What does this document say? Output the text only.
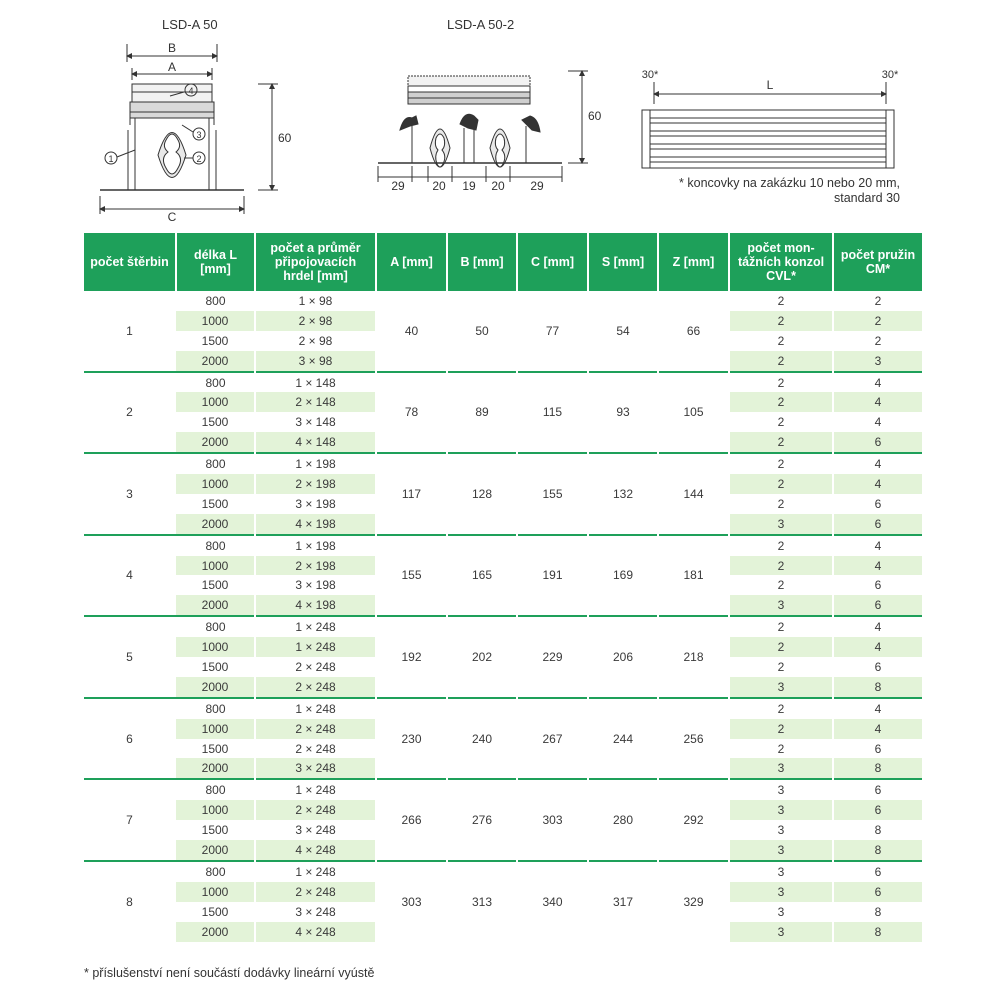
LSD-A 50	LSD-A 50-2
B
A
C
60
4
3
2
1
60
29 20 19 20 29
30*	30*
L
* koncovky na zakázku 10 nebo 20 mm,
standard 30
počet štěrbin	délka L [mm]	počet a průměr připojovacích hrdel [mm]	A [mm]	B [mm]	C [mm]	S [mm]	Z [mm]	počet mon-tážních konzol CVL*	počet pružin CM*
1	800	1 × 98	40	50	77	54	66	2	2
	1000	2 × 98						2	2
	1500	2 × 98						2	2
	2000	3 × 98						2	3
2	800	1 × 148	78	89	115	93	105	2	4
	1000	2 × 148						2	4
	1500	3 × 148						2	4
	2000	4 × 148						2	6
3	800	1 × 198	117	128	155	132	144	2	4
	1000	2 × 198						2	4
	1500	3 × 198						2	6
	2000	4 × 198						3	6
4	800	1 × 198	155	165	191	169	181	2	4
	1000	2 × 198						2	4
	1500	3 × 198						2	6
	2000	4 × 198						3	6
5	800	1 × 248	192	202	229	206	218	2	4
	1000	1 × 248						2	4
	1500	2 × 248						2	6
	2000	2 × 248						3	8
6	800	1 × 248	230	240	267	244	256	2	4
	1000	2 × 248						2	4
	1500	2 × 248						2	6
	2000	3 × 248						3	8
7	800	1 × 248	266	276	303	280	292	3	6
	1000	2 × 248						3	6
	1500	3 × 248						3	8
	2000	4 × 248						3	8
8	800	1 × 248	303	313	340	317	329	3	6
	1000	2 × 248						3	6
	1500	3 × 248						3	8
	2000	4 × 248						3	8
* příslušenství není součástí dodávky lineární vyústě
